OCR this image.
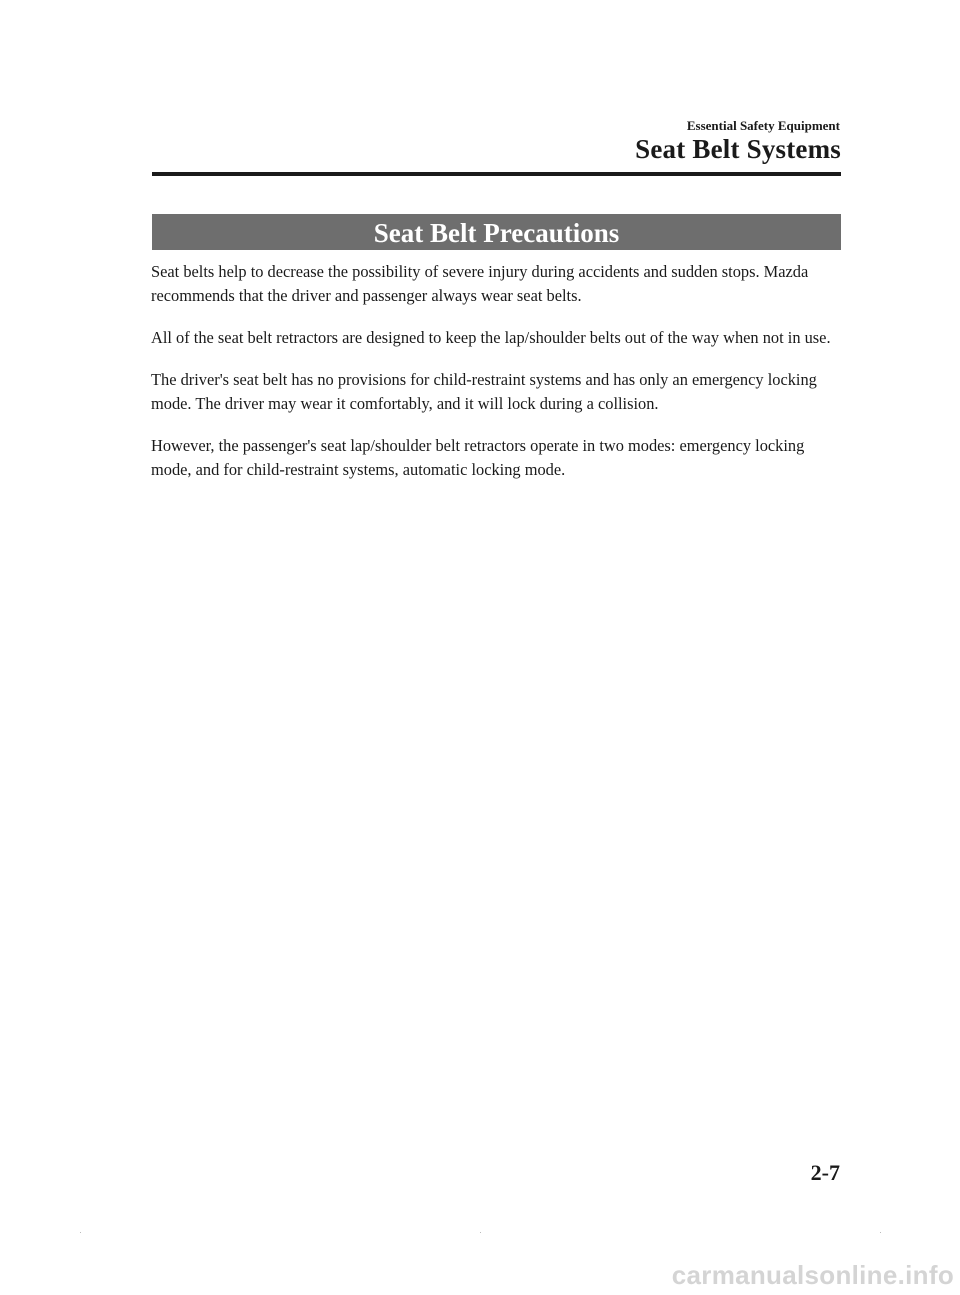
Essential Safety Equipment
Seat Belt Systems
Seat Belt Precautions

Seat belts help to decrease the possibility of severe injury during accidents and sudden stops. Mazda recommends that the driver and passenger always wear seat belts.

All of the seat belt retractors are designed to keep the lap/shoulder belts out of the way when not in use.

The driver's seat belt has no provisions for child-restraint systems and has only an emergency locking mode. The driver may wear it comfortably, and it will lock during a collision.

However, the passenger's seat lap/shoulder belt retractors operate in two modes: emergency locking mode, and for child-restraint systems, automatic locking mode.

2-7
carmanualsonline.info
